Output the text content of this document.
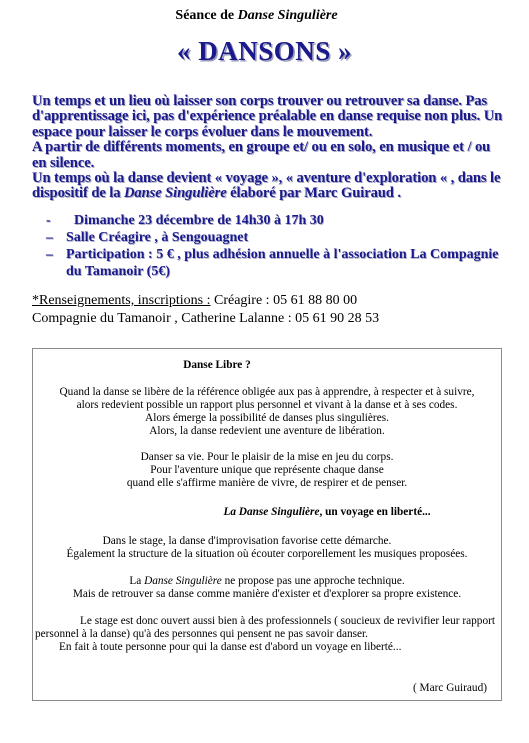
Séance de Danse Singulière
« DANSONS »

Un temps et un lieu où laisser son corps trouver ou retrouver sa danse. Pas d'apprentissage ici, pas d'expérience préalable en danse requise non plus. Un espace pour laisser le corps évoluer dans le mouvement.

A partir de différents moments, en groupe et/ ou en solo, en musique et / ou en silence.

Un temps où la danse devient « voyage », « aventure d'exploration « , dans le dispositif de la Danse Singulière élaboré par Marc Guiraud .

-	Dimanche 23 décembre de 14h30 à 17h 30
– Salle Créagire , à Sengouagnet
– Participation : 5 € , plus adhésion annuelle à l'association La Compagnie du Tamanoir (5€)
*Renseignements, inscriptions : Créagire : 05 61 88 80 00
Compagnie du Tamanoir , Catherine Lalanne : 05 61 90 28 53
Danse Libre ?
Quand la danse se libère de la référence obligée aux pas à apprendre, à respecter et à suivre,
alors redevient possible un rapport plus personnel et vivant à la danse et à ses codes.
Alors émerge la possibilité de danses plus singulières.
Alors, la danse redevient une aventure de libération.
Danser sa vie. Pour le plaisir de la mise en jeu du corps.
Pour l'aventure unique que représente chaque danse
quand elle s'affirme manière de vivre, de respirer et de penser.
La Danse Singulière, un voyage en liberté...
Dans le stage, la danse d'improvisation favorise cette démarche.
Également la structure de la situation où écouter corporellement les musiques proposées.
La Danse Singulière ne propose pas une approche technique.
Mais de retrouver sa danse comme manière d'exister et d'explorer sa propre existence.
Le stage est donc ouvert aussi bien à des professionnels ( soucieux de revivifier leur rapport
personnel à la danse) qu'à des personnes qui pensent ne pas savoir danser.
En fait à toute personne pour qui la danse est d'abord un voyage en liberté...
( Marc Guiraud)
